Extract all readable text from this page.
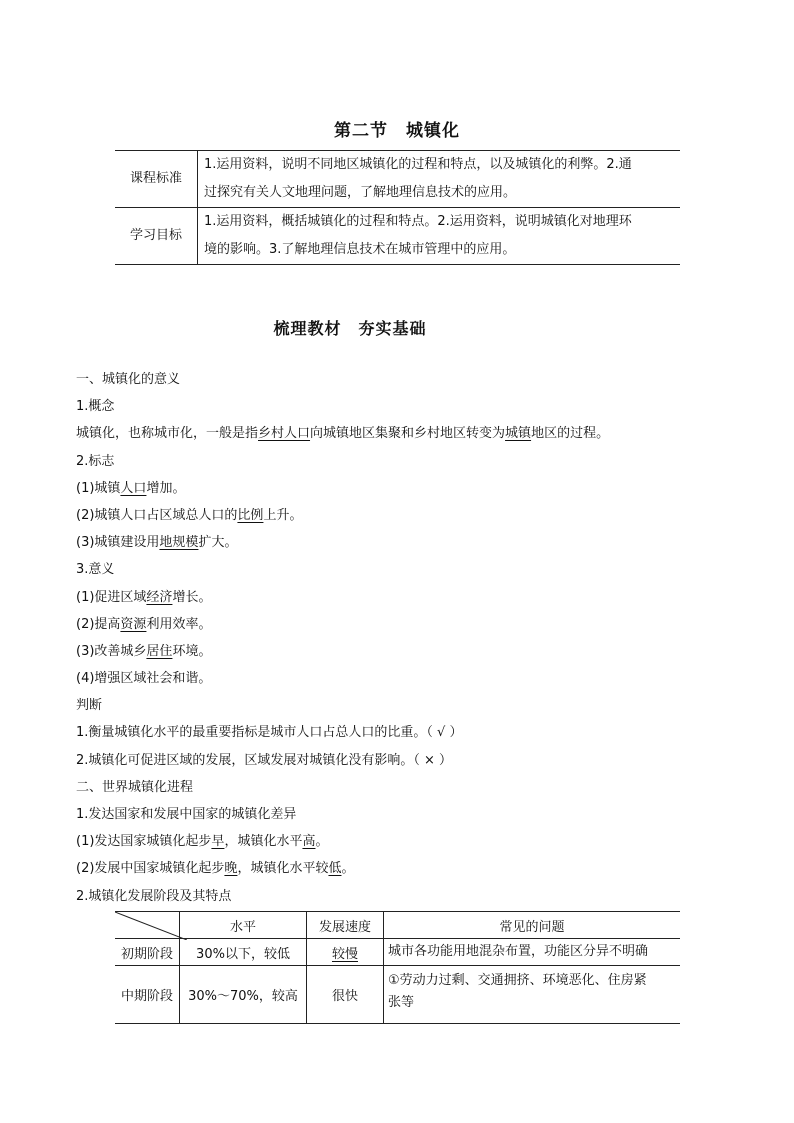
第二节　城镇化
课程标准	1.运用资料，说明不同地区城镇化的过程和特点，以及城镇化的利弊。2.通
过探究有关人文地理问题，了解地理信息技术的应用。

学习目标	1.运用资料，概括城镇化的过程和特点。2.运用资料，说明城镇化对地理环
境的影响。3.了解地理信息技术在城市管理中的应用。
梳理教材　夯实基础
一、城镇化的意义
1.概念
城镇化，也称城市化，一般是指乡村人口向城镇地区集聚和乡村地区转变为城镇地区的过程。
2.标志
(1)城镇人口增加。
(2)城镇人口占区域总人口的比例上升。
(3)城镇建设用地规模扩大。
3.意义
(1)促进区域经济增长。
(2)提高资源利用效率。
(3)改善城乡居住环境。
(4)增强区域社会和谐。
判断
1.衡量城镇化水平的最重要指标是城市人口占总人口的比重。（ √ ）
2.城镇化可促进区域的发展，区域发展对城镇化没有影响。（ × ）
二、世界城镇化进程
1.发达国家和发展中国家的城镇化差异
(1)发达国家城镇化起步早，城镇化水平高。
(2)发展中国家城镇化起步晚，城镇化水平较低。
2.城镇化发展阶段及其特点
	水平	发展速度	常见的问题
初期阶段	30%以下，较低	较慢	城市各功能用地混杂布置，功能区分异不明确

中期阶段	30%～70%，较高	很快	①劳动力过剩、交通拥挤、环境恶化、住房紧
张等
